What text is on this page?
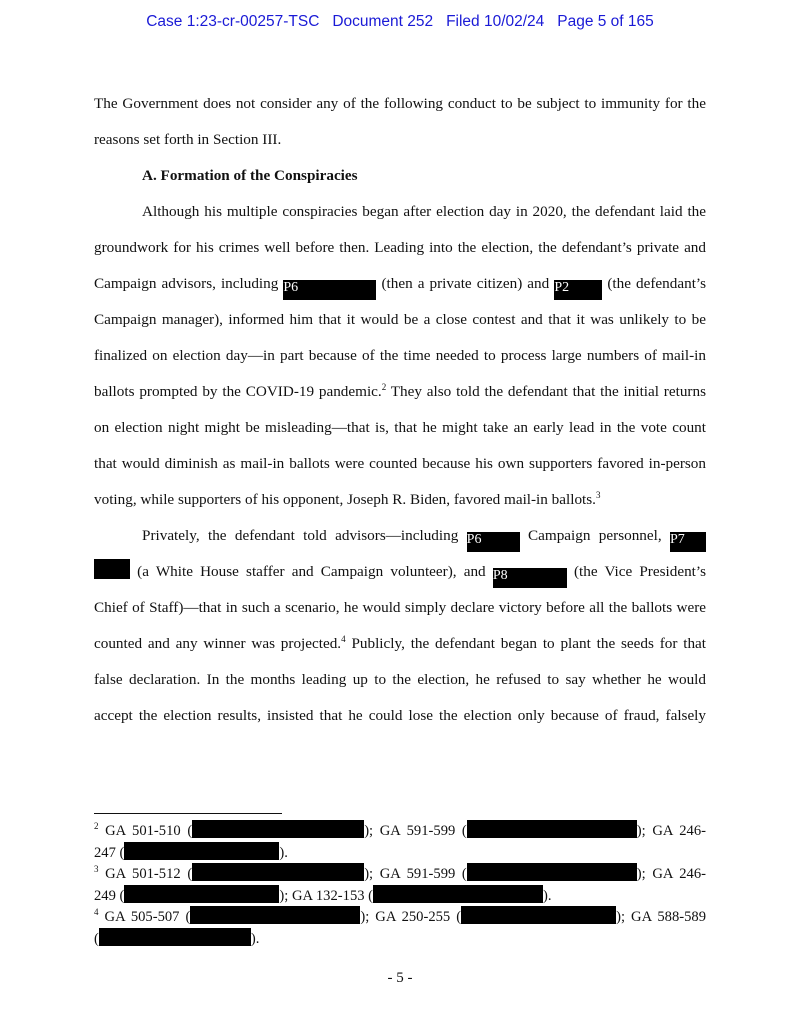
Case 1:23-cr-00257-TSC Document 252 Filed 10/02/24 Page 5 of 165
The Government does not consider any of the following conduct to be subject to immunity for the
reasons set forth in Section III.
A. Formation of the Conspiracies
Although his multiple conspiracies began after election day in 2020, the defendant laid the
groundwork for his crimes well before then. Leading into the election, the defendant’s private and
Campaign advisors, including P6	(then a private citizen) and P2	(the defendant’s
Campaign manager), informed him that it would be a close contest and that it was unlikely to be
finalized on election day—in part because of the time needed to process large numbers of mail-in
ballots prompted by the COVID-19 pandemic.$^2$ They also told the defendant that the initial returns
on election night might be misleading—that is, that he might take an early lead in the vote count
that would diminish as mail-in ballots were counted because his own supporters favored in-person
voting, while supporters of his opponent, Joseph R. Biden, favored mail-in ballots.$^3$
Privately, the defendant told advisors—including P6	Campaign personnel, P7
(a White House staffer and Campaign volunteer), and P8	(the Vice President’s
Chief of Staff)—that in such a scenario, he would simply declare victory before all the ballots were
counted and any winner was projected.$^4$ Publicly, the defendant began to plant the seeds for that
false declaration. In the months leading up to the election, he refused to say whether he would
accept the election results, insisted that he could lose the election only because of fraud, falsely
$^2$ GA 501-510 (	); GA 591-599 (	); GA 246-
247 (	).
$^3$ GA 501-512 (	); GA 591-599 (	); GA 246-
249 (	); GA 132-153 (	).
$^4$ GA 505-507 (	); GA 250-255 (	); GA 588-589
(	).
- 5 -
